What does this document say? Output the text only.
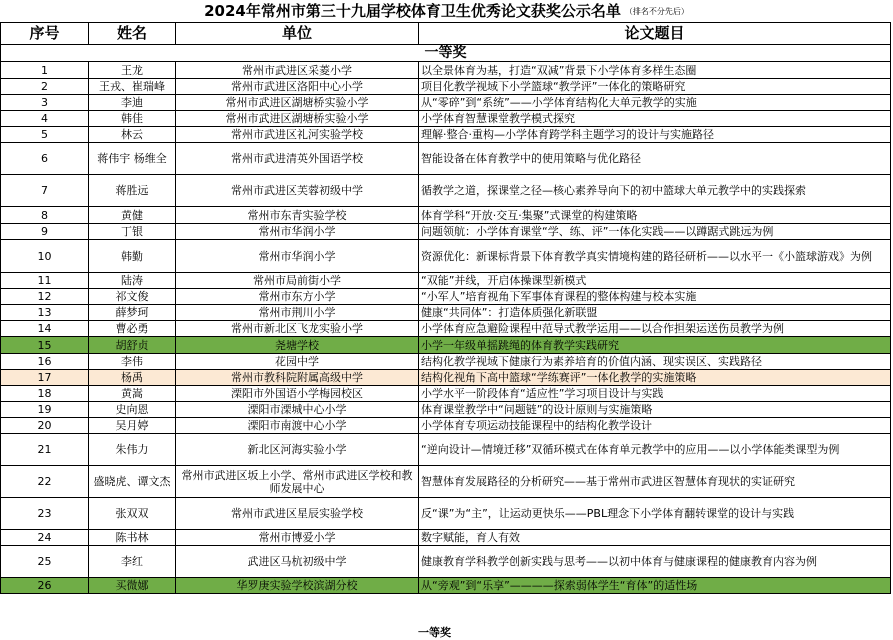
2024年常州市第三十九届学校体育卫生优秀论文获奖公示名单 （排名不分先后）
序号	姓名	单位	论文题目
一等奖			
1	王龙	常州市武进区采菱小学	以全景体育为基，打造“双减”背景下小学体育多样生态圈
2	王戎、崔瑞峰	常州市武进区洛阳中心小学	项目化教学视域下小学篮球“教学评”一体化的策略研究
3	李迪	常州市武进区湖塘桥实验小学	从“零碎”到“系统”——小学体育结构化大单元教学的实施
4	韩佳	常州市武进区湖塘桥实验小学	小学体育智慧课堂教学模式探究
5	林云	常州市武进区礼河实验学校	理解·整合·重构—小学体育跨学科主题学习的设计与实施路径
6	蒋伟宇 杨维全	常州市武进清英外国语学校	智能设备在体育教学中的使用策略与优化路径
7	蒋胜远	常州市武进区芙蓉初级中学	循教学之道，探课堂之径—核心素养导向下的初中篮球大单元教学中的实践探索
8	黄健	常州市东青实验学校	体育学科“开放·交互·集聚”式课堂的构建策略
9	丁银	常州市华润小学	问题领航：小学体育课堂“学、练、评”一体化实践——以蹲踞式跳远为例
10	韩勤	常州市华润小学	资源优化：新课标背景下体育教学真实情境构建的路径研析——以水平一《小篮球游戏》为例
11	陆涛	常州市局前街小学	“双能”并线，开启体操课型新模式
12	祁文俊	常州市东方小学	“小军人”培育视角下军事体育课程的整体构建与校本实施
13	薛梦珂	常州市荆川小学	健康“共同体”：打造体质强化新联盟
14	曹必勇	常州市新北区飞龙实验小学	小学体育应急避险课程中范导式教学运用——以合作担架运送伤员教学为例
15	胡舒贞	尧塘学校	小学一年级单摇跳绳的体育教学实践研究
16	李伟	花园中学	结构化教学视域下健康行为素养培育的价值内涵、现实误区、实践路径
17	杨禹	常州市教科院附属高级中学	结构化视角下高中篮球“学练赛评”一体化教学的实施策略
18	黄嵩	溧阳市外国语小学梅园校区	小学水平一阶段体育“适应性”学习项目设计与实践
19	史向恩	溧阳市溧城中心小学	体育课堂教学中“问题链”的设计原则与实施策略
20	吴月婷	溧阳市南渡中心小学	小学体育专项运动技能课程中的结构化教学设计
21	朱伟力	新北区河海实验小学	“逆向设计—情境迁移”双循环模式在体育单元教学中的应用——以小学体能类课型为例
22	盛晓虎、谭文杰	常州市武进区坂上小学、常州市武进区学校和教师发展中心	智慧体育发展路径的分析研究——基于常州市武进区智慧体育现状的实证研究
23	张双双	常州市武进区星辰实验学校	反“课”为“主”，让运动更快乐——PBL理念下小学体育翻转课堂的设计与实践
24	陈书林	常州市博爱小学	数字赋能，育人有效
25	李红	武进区马杭初级中学	健康教育学科教学创新实践与思考——以初中体育与健康课程的健康教育内容为例
26	买微娜	华罗庚实验学校滨湖分校	从“旁观”到“乐享”————探索弱体学生“育体”的适性场
一等奖
